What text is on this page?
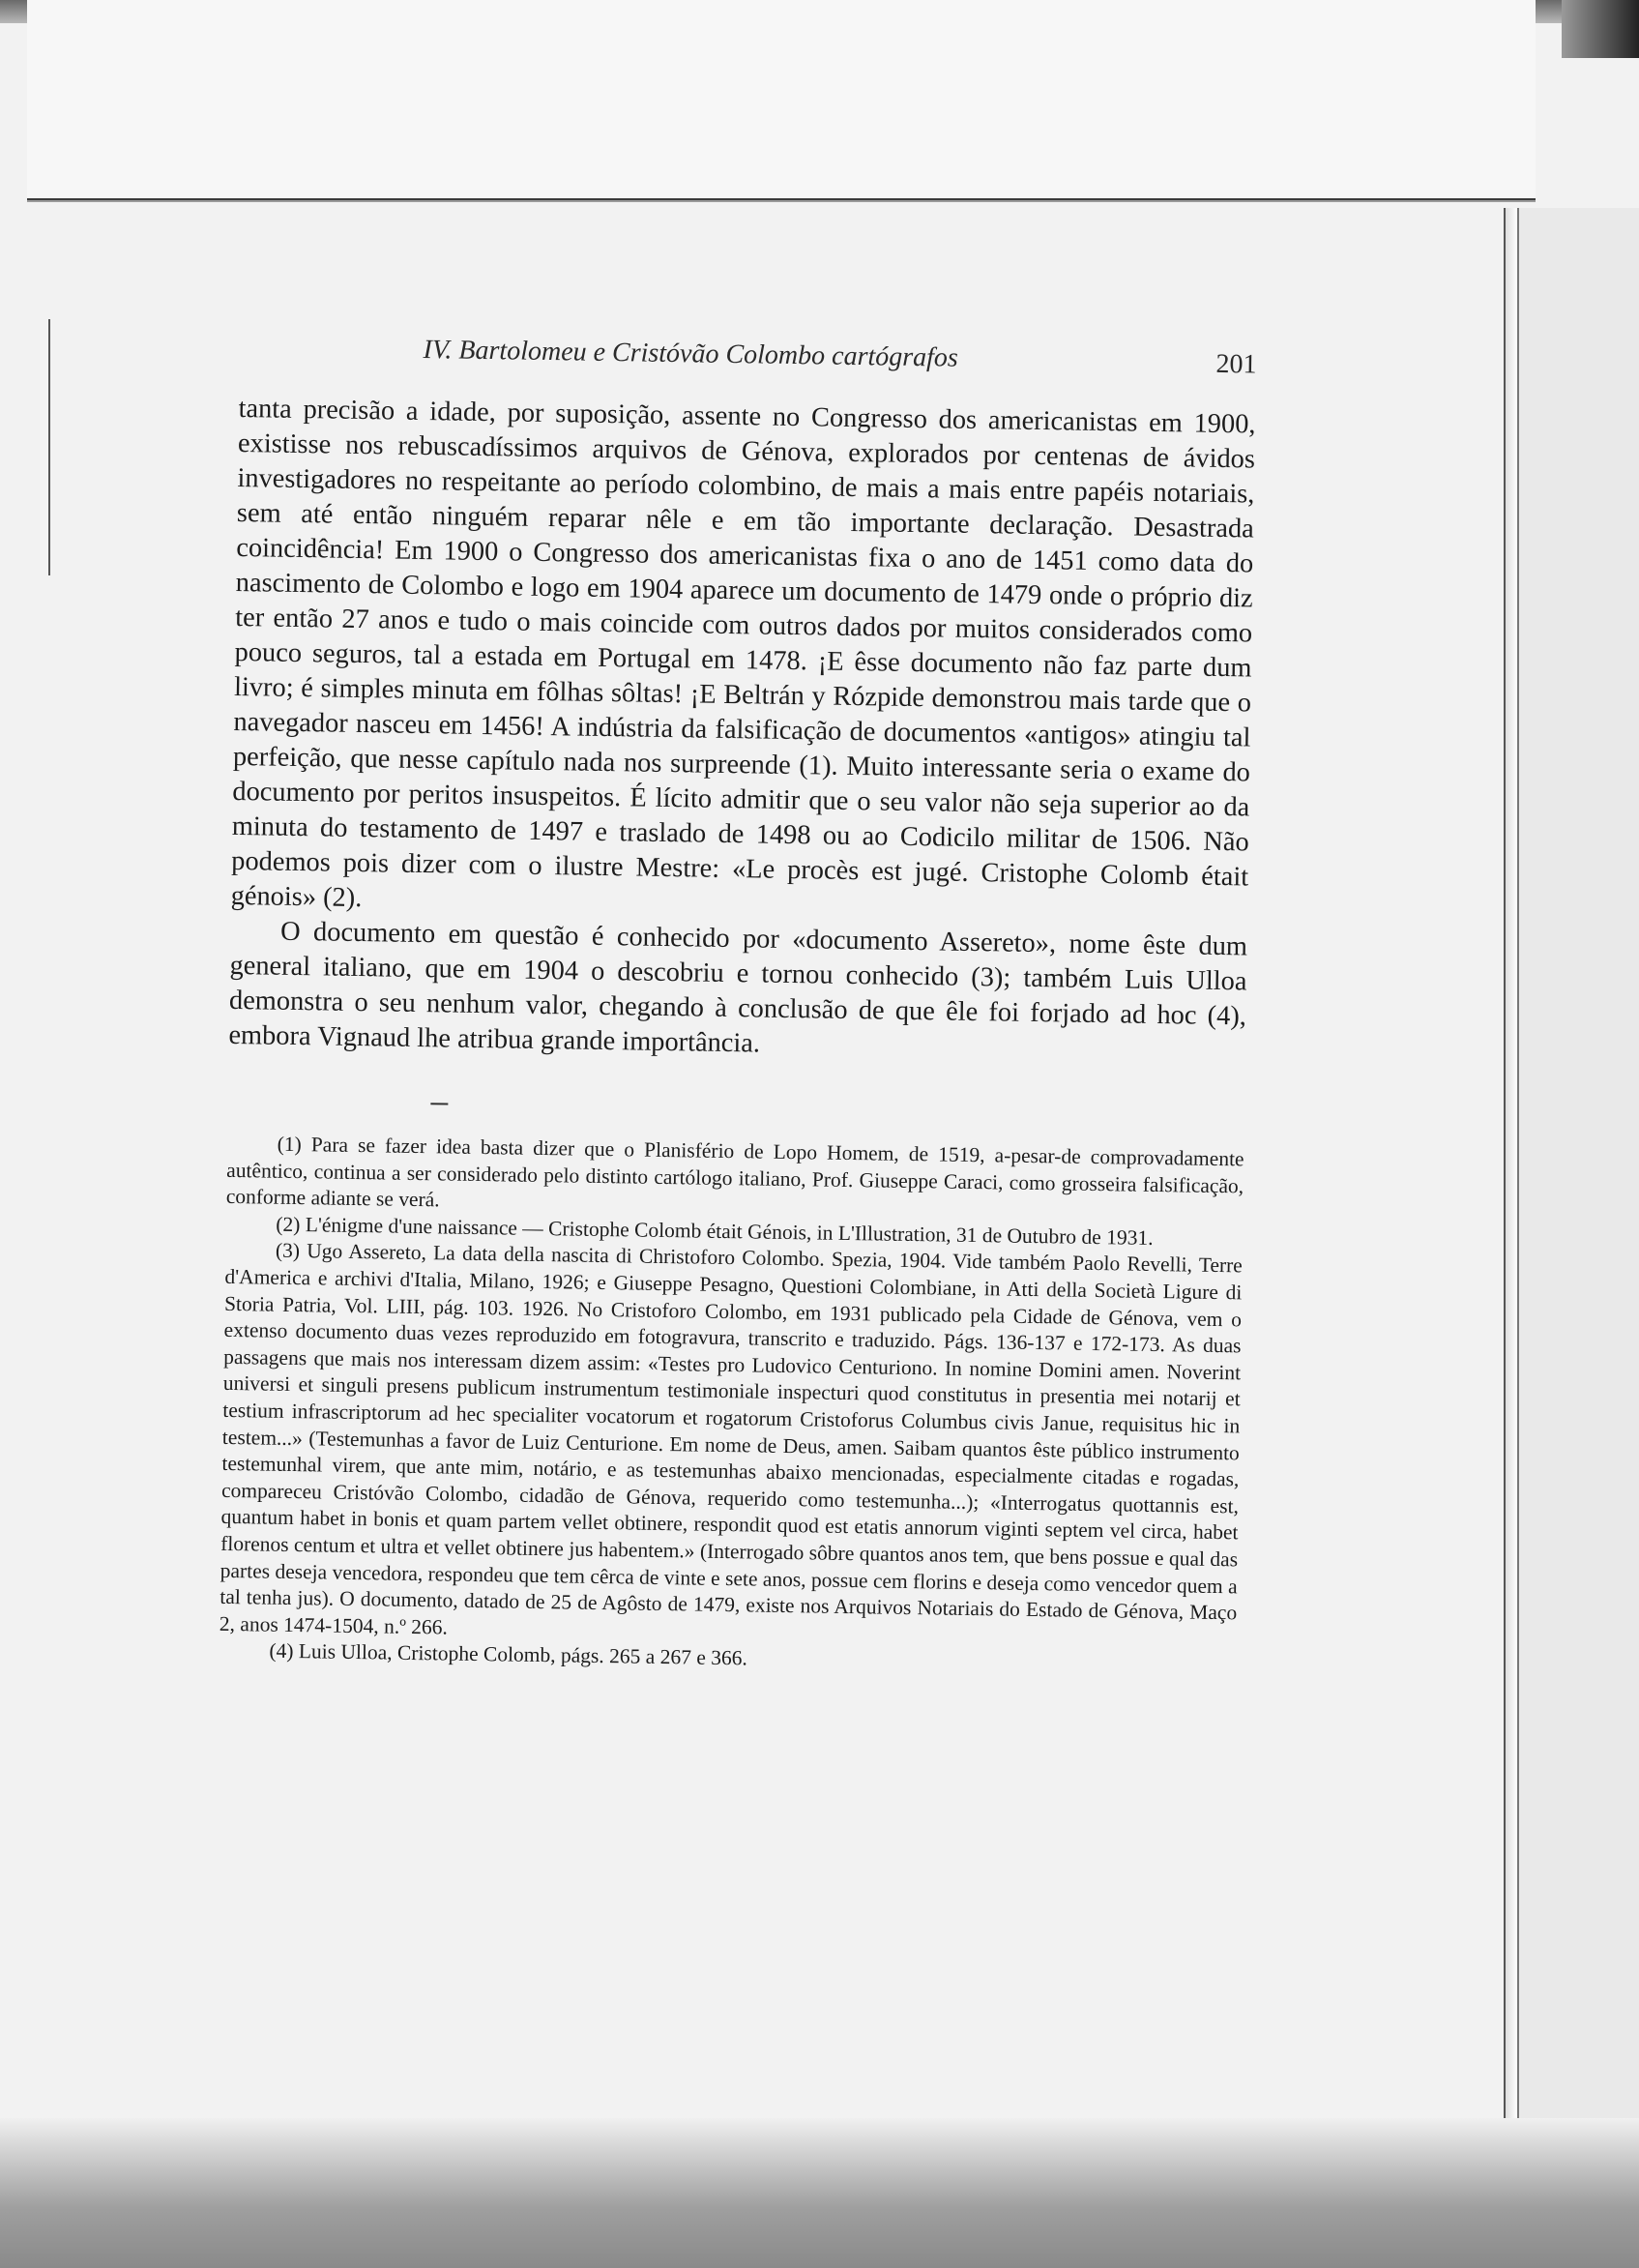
IV. Bartolomeu e Cristóvão Colombo cartógrafos	201

tanta precisão a idade, por suposição, assente no Congresso dos americanistas em 1900, existisse nos rebuscadíssimos arquivos de Génova, explorados por centenas de ávidos investigadores no respeitante ao período colombino, de mais a mais entre papéis notariais, sem até então ninguém reparar nêle e em tão importante declaração. Desastrada coincidência! Em 1900 o Congresso dos americanistas fixa o ano de 1451 como data do nascimento de Colombo e logo em 1904 aparece um documento de 1479 onde o próprio diz ter então 27 anos e tudo o mais coincide com outros dados por muitos considerados como pouco seguros, tal a estada em Portugal em 1478. ¡E êsse documento não faz parte dum livro; é simples minuta em fôlhas sôltas! ¡E Beltrán y Rózpide demonstrou mais tarde que o navegador nasceu em 1456! A indústria da falsificação de documentos «antigos» atingiu tal perfeição, que nesse capítulo nada nos surpreende (1). Muito interessante seria o exame do documento por peritos insuspeitos. É lícito admitir que o seu valor não seja superior ao da minuta do testamento de 1497 e traslado de 1498 ou ao Codicilo militar de 1506. Não podemos pois dizer com o ilustre Mestre: «Le procès est jugé. Cristophe Colomb était génois» (2).

O documento em questão é conhecido por «documento Assereto», nome êste dum general italiano, que em 1904 o descobriu e tornou conhecido (3); também Luis Ulloa demonstra o seu nenhum valor, chegando à conclusão de que êle foi forjado ad hoc (4), embora Vignaud lhe atribua grande importância.

(1) Para se fazer idea basta dizer que o Planisfério de Lopo Homem, de 1519, a-pesar-de comprovadamente autêntico, continua a ser considerado pelo distinto cartólogo italiano, Prof. Giuseppe Caraci, como grosseira falsificação, conforme adiante se verá.

(2) L'énigme d'une naissance — Cristophe Colomb était Génois, in L'Illustration, 31 de Outubro de 1931.

(3) Ugo Assereto, La data della nascita di Christoforo Colombo. Spezia, 1904. Vide também Paolo Revelli, Terre d'America e archivi d'Italia, Milano, 1926; e Giuseppe Pesagno, Questioni Colombiane, in Atti della Società Ligure di Storia Patria, Vol. LIII, pág. 103. 1926. No Cristoforo Colombo, em 1931 publicado pela Cidade de Génova, vem o extenso documento duas vezes reproduzido em fotogravura, transcrito e traduzido. Págs. 136-137 e 172-173. As duas passagens que mais nos interessam dizem assim: «Testes pro Ludovico Centuriono. In nomine Domini amen. Noverint universi et singuli presens publicum instrumentum testimoniale inspecturi quod constitutus in presentia mei notarij et testium infrascriptorum ad hec specialiter vocatorum et rogatorum Cristoforus Columbus civis Janue, requisitus hic in testem...» (Testemunhas a favor de Luiz Centurione. Em nome de Deus, amen. Saibam quantos êste público instrumento testemunhal virem, que ante mim, notário, e as testemunhas abaixo mencionadas, especialmente citadas e rogadas, compareceu Cristóvão Colombo, cidadão de Génova, requerido como testemunha...); «Interrogatus quottannis est, quantum habet in bonis et quam partem vellet obtinere, respondit quod est etatis annorum viginti septem vel circa, habet florenos centum et ultra et vellet obtinere jus habentem.» (Interrogado sôbre quantos anos tem, que bens possue e qual das partes deseja vencedora, respondeu que tem cêrca de vinte e sete anos, possue cem florins e deseja como vencedor quem a tal tenha jus). O documento, datado de 25 de Agôsto de 1479, existe nos Arquivos Notariais do Estado de Génova, Maço 2, anos 1474-1504, n.º 266.

(4) Luis Ulloa, Cristophe Colomb, págs. 265 a 267 e 366.
